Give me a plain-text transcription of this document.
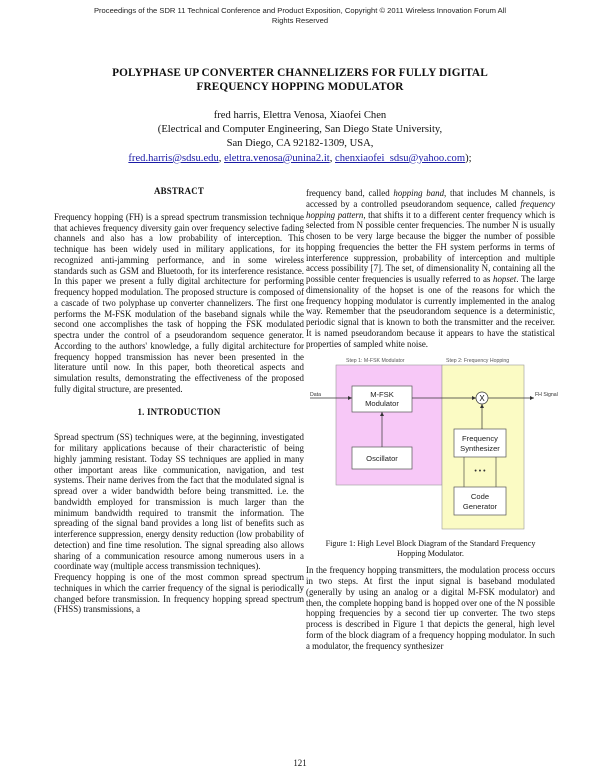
Proceedings of the SDR 11 Technical Conference and Product Exposition, Copyright © 2011 Wireless Innovation Forum All
Rights Reserved
POLYPHASE UP CONVERTER CHANNELIZERS FOR FULLY DIGITAL
FREQUENCY HOPPING MODULATOR
fred harris, Elettra Venosa, Xiaofei Chen
(Electrical and Computer Engineering, San Diego State University,
San Diego, CA 92182-1309, USA,
fred.harris@sdsu.edu, elettra.venosa@unina2.it, chenxiaofei_sdsu@yahoo.com);
ABSTRACT

Frequency hopping (FH) is a spread spectrum transmission technique that achieves frequency diversity gain over frequency selective fading channels and also has a low probability of interception. This technique has been widely used in military applications, for its recognized anti-jamming performance, and in some wireless standards such as GSM and Bluetooth, for its interference resistance. In this paper we present a fully digital architecture for performing frequency hopped modulation. The proposed structure is composed of a cascade of two polyphase up converter channelizers. The first one performs the M-FSK modulation of the baseband signals while the second one accomplishes the task of hopping the FSK modulated spectra under the control of a pseudorandom sequence generator. According to the authors' knowledge, a fully digital architecture for frequency hopped transmission has never been presented in the literature until now. In this paper, both theoretical aspects and simulation results, demonstrating the effectiveness of the proposed fully digital structure, are presented.

1. INTRODUCTION

Spread spectrum (SS) techniques were, at the beginning, investigated for military applications because of their characteristic of being highly jamming resistant. Today SS techniques are applied in many other important areas like communication, navigation, and test systems. Their name derives from the fact that the modulated signal is spread over a wider bandwidth before being transmitted. i.e. the bandwidth employed for transmission is much larger than the minimum bandwidth required to transmit the information. The spreading of the signal band provides a long list of benefits such as interference suppression, energy density reduction (low probability of detection) and fine time resolution. The signal spreading also allows sharing of a communication resource among numerous users in a coordinate way (multiple access transmission techniques).

Frequency hopping is one of the most common spread spectrum techniques in which the carrier frequency of the signal is periodically changed before transmission. In frequency hopping spread spectrum (FHSS) transmissions, a

frequency band, called hopping band, that includes M channels, is accessed by a controlled pseudorandom sequence, called frequency hopping pattern, that shifts it to a different center frequency which is selected from N possible center frequencies. The number N is usually chosen to be very large because the bigger the number of possible hopping frequencies the better the FH system performs in terms of interference suppression, probability of interception and multiple access possibility [7]. The set, of dimensionality N, containing all the possible center frequencies is usually referred to as hopset. The large dimensionality of the hopset is one of the reasons for which the frequency hopping modulator is currently implemented in the analog way. Remember that the pseudorandom sequence is a deterministic, periodic signal that is known to both the transmitter and the receiver. It is named pseudorandom because it appears to have the statistical properties of sampled white noise.

Step 1: M-FSK Modulator	Step 2: Frequency Hopping
Data	M-FSK
Modulator
Oscillator
X	FH Signal
Frequency
Synthesizer
• • •
Code
Generator
Figure 1: High Level Block Diagram of the Standard Frequency Hopping Modulator.

In the frequency hopping transmitters, the modulation process occurs in two steps. At first the input signal is baseband modulated (generally by using an analog or a digital M-FSK modulator) and then, the complete hopping band is hopped over one of the N possible hopping frequencies by a second tier up converter. The two steps process is described in Figure 1 that depicts the general, high level form of the block diagram of a frequency hopping modulator. In such a modulator, the frequency synthesizer

121
